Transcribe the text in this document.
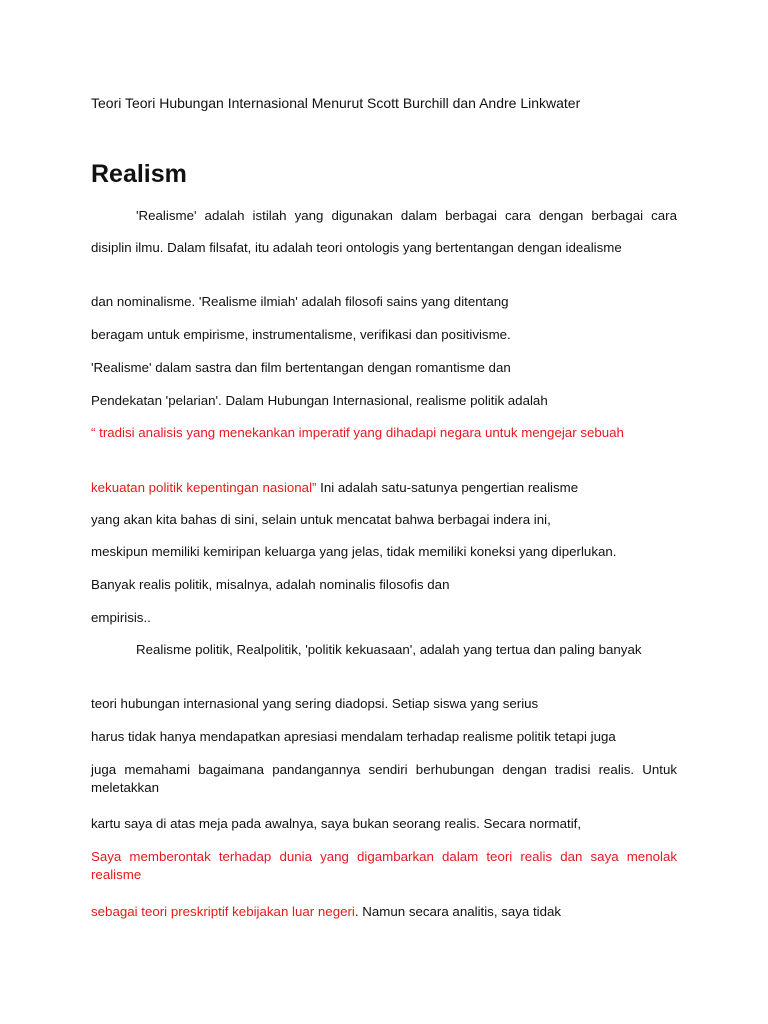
Teori Teori Hubungan Internasional Menurut Scott Burchill dan Andre Linkwater
Realism

'Realisme' adalah istilah yang digunakan dalam berbagai cara dengan berbagai cara

disiplin ilmu. Dalam filsafat, itu adalah teori ontologis yang bertentangan dengan idealisme

dan nominalisme. 'Realisme ilmiah' adalah filosofi sains yang ditentang

beragam untuk empirisme, instrumentalisme, verifikasi dan positivisme.

'Realisme' dalam sastra dan film bertentangan dengan romantisme dan

Pendekatan 'pelarian'. Dalam Hubungan Internasional, realisme politik adalah

“ tradisi analisis yang menekankan imperatif yang dihadapi negara untuk mengejar sebuah

kekuatan politik kepentingan nasional” Ini adalah satu-satunya pengertian realisme

yang akan kita bahas di sini, selain untuk mencatat bahwa berbagai indera ini,

meskipun memiliki kemiripan keluarga yang jelas, tidak memiliki koneksi yang diperlukan.

Banyak realis politik, misalnya, adalah nominalis filosofis dan

empirisis..

Realisme politik, Realpolitik, 'politik kekuasaan', adalah yang tertua dan paling banyak

teori hubungan internasional yang sering diadopsi. Setiap siswa yang serius

harus tidak hanya mendapatkan apresiasi mendalam terhadap realisme politik tetapi juga

juga memahami bagaimana pandangannya sendiri berhubungan dengan tradisi realis. Untuk meletakkan

kartu saya di atas meja pada awalnya, saya bukan seorang realis. Secara normatif,

Saya memberontak terhadap dunia yang digambarkan dalam teori realis dan saya menolak realisme

sebagai teori preskriptif kebijakan luar negeri. Namun secara analitis, saya tidak
